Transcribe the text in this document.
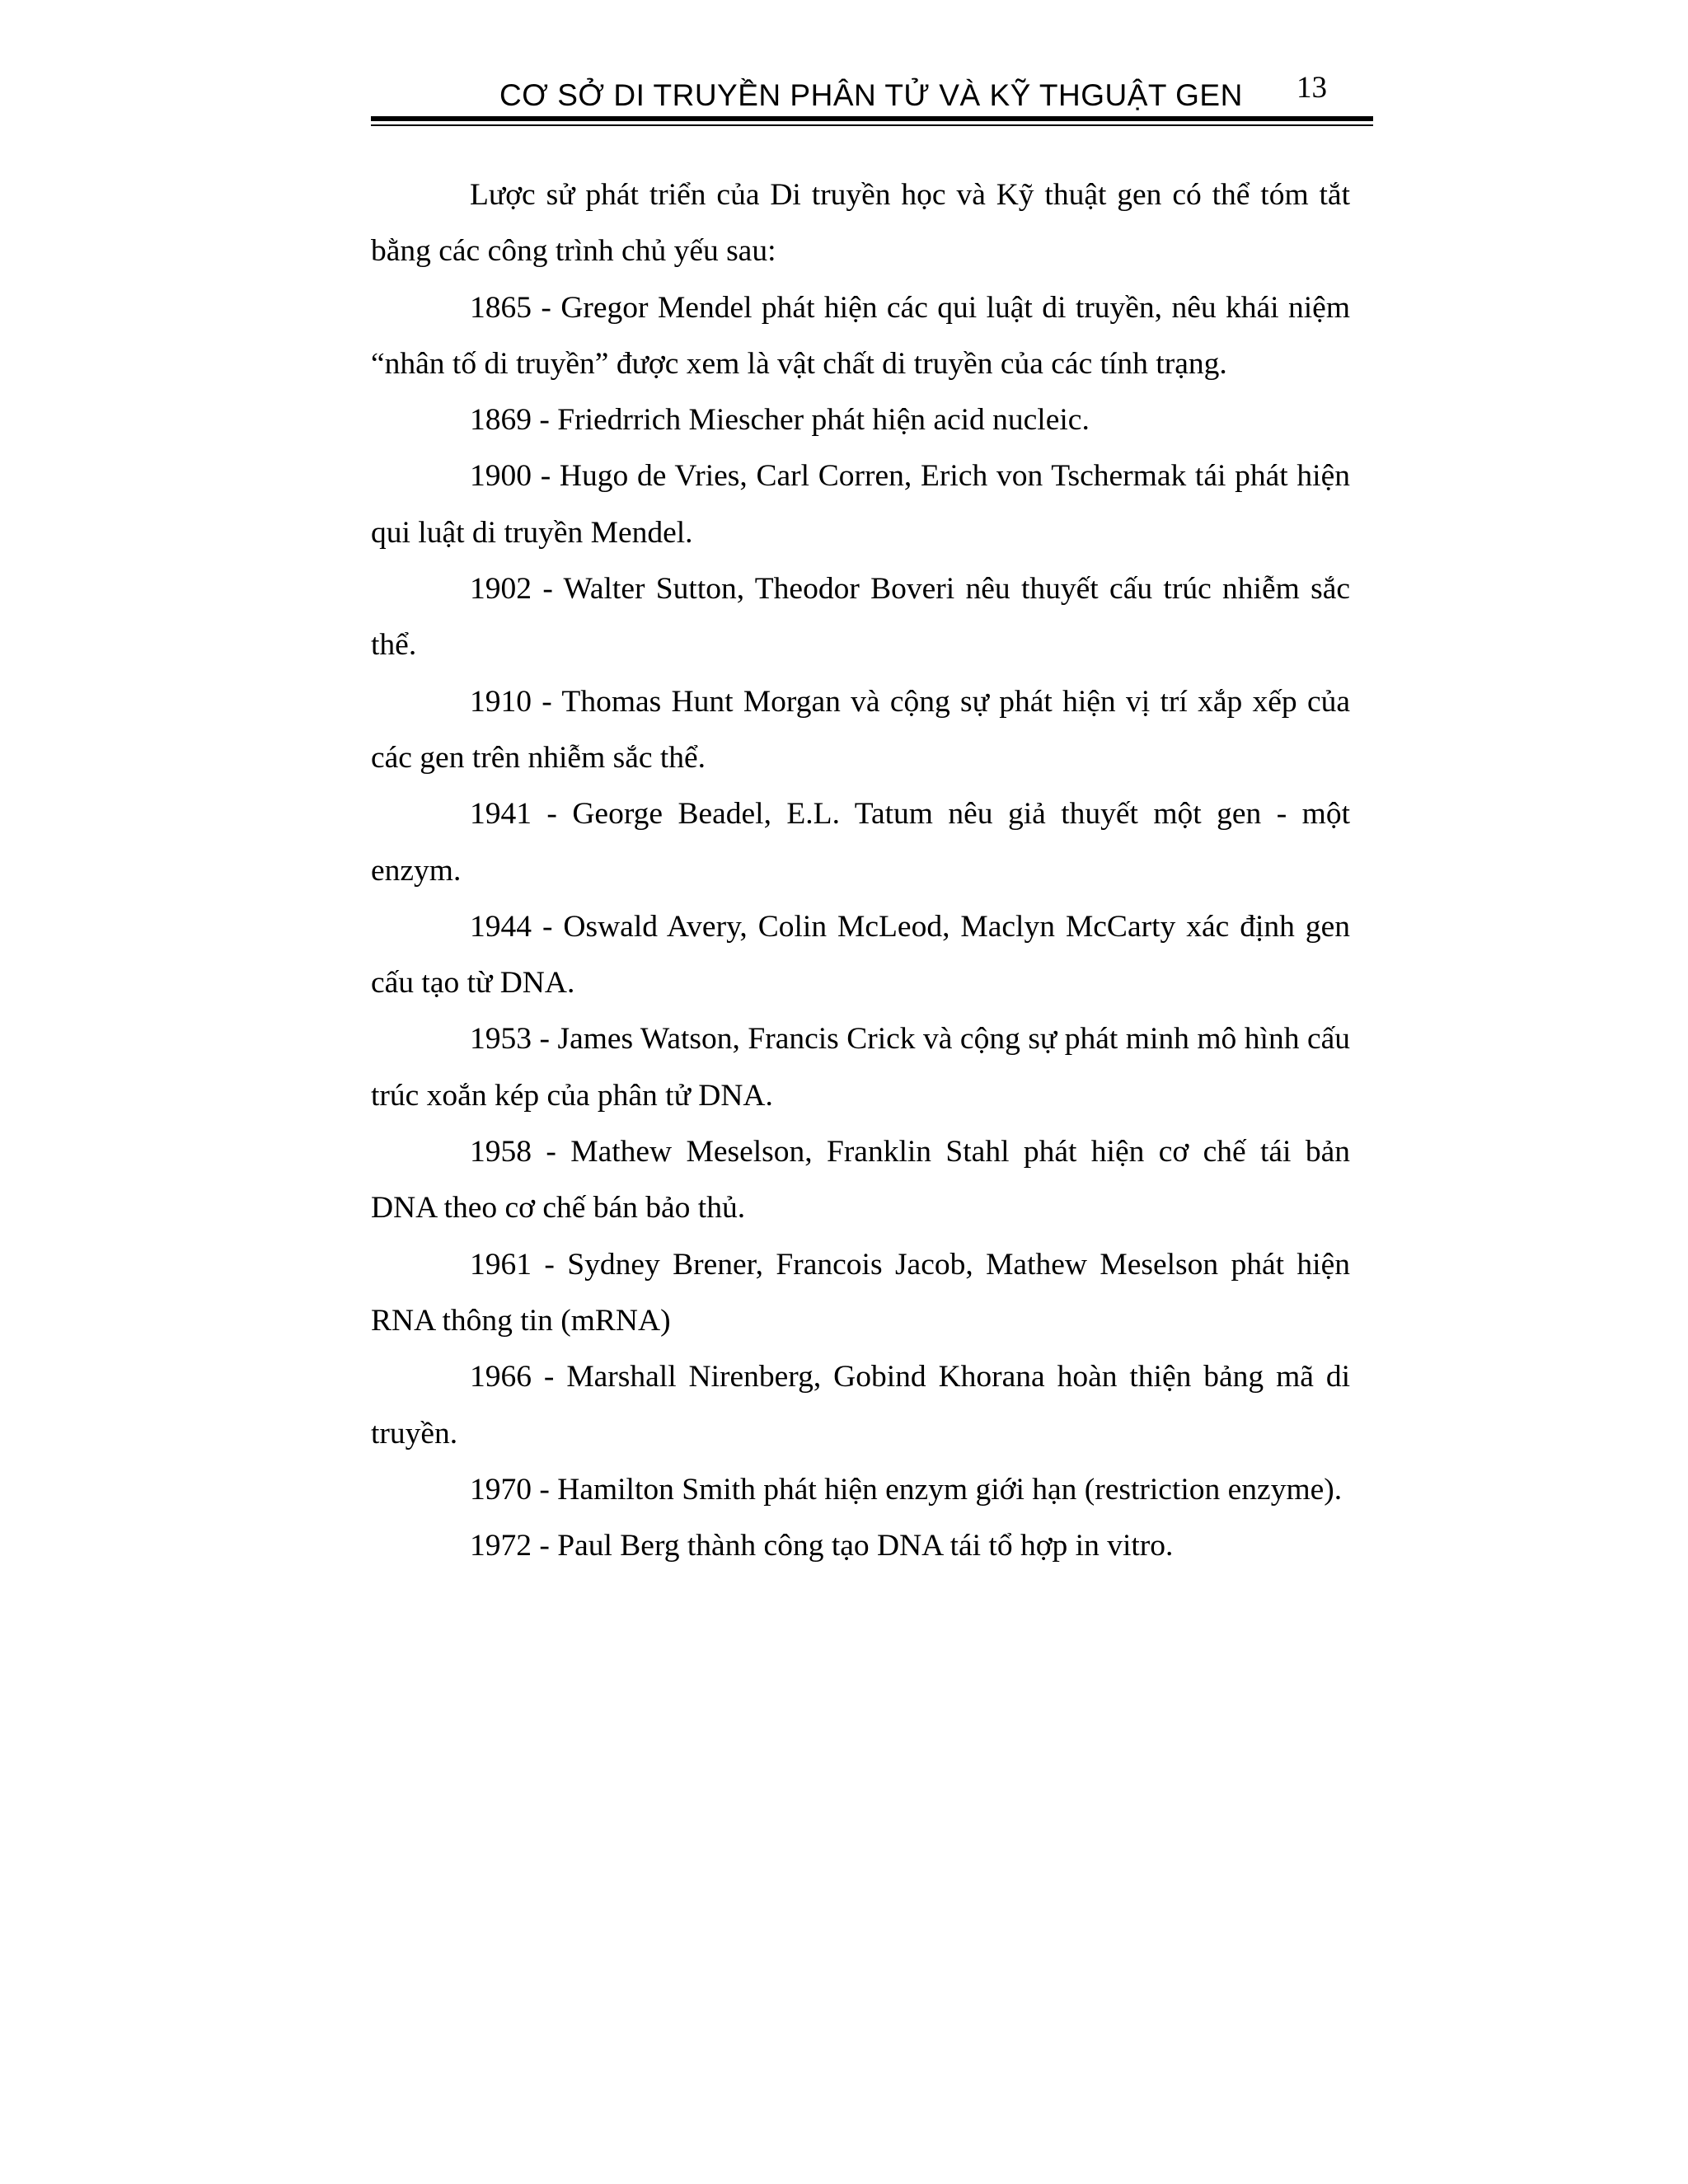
CƠ SỞ DI TRUYỀN PHÂN TỬ VÀ KỸ THGUẬT GEN 13

Lược sử phát triển của Di truyền học và Kỹ thuật gen có thể tóm tắt bằng các công trình chủ yếu sau:

1865 - Gregor Mendel phát hiện các qui luật di truyền, nêu khái niệm “nhân tố di truyền” được xem là vật chất di truyền của các tính trạng.

1869 - Friedrrich Miescher phát hiện acid nucleic.

1900 - Hugo de Vries, Carl Corren, Erich von Tschermak tái phát hiện qui luật di truyền Mendel.

1902 - Walter Sutton, Theodor Boveri nêu thuyết cấu trúc nhiễm sắc thể.

1910 - Thomas Hunt Morgan và cộng sự phát hiện vị trí xắp xếp của các gen trên nhiễm sắc thể.

1941 - George Beadel, E.L. Tatum nêu giả thuyết một gen - một enzym.

1944 - Oswald Avery, Colin McLeod, Maclyn McCarty xác định gen cấu tạo từ DNA.

1953 - James Watson, Francis Crick và cộng sự phát minh mô hình cấu trúc xoắn kép của phân tử DNA.

1958 - Mathew Meselson, Franklin Stahl phát hiện cơ chế tái bản DNA theo cơ chế bán bảo thủ.

1961 - Sydney Brener, Francois Jacob, Mathew Meselson phát hiện RNA thông tin (mRNA)

1966 - Marshall Nirenberg, Gobind Khorana hoàn thiện bảng mã di truyền.

1970 - Hamilton Smith phát hiện enzym giới hạn (restriction enzyme).

1972 - Paul Berg thành công tạo DNA tái tổ hợp in vitro.
